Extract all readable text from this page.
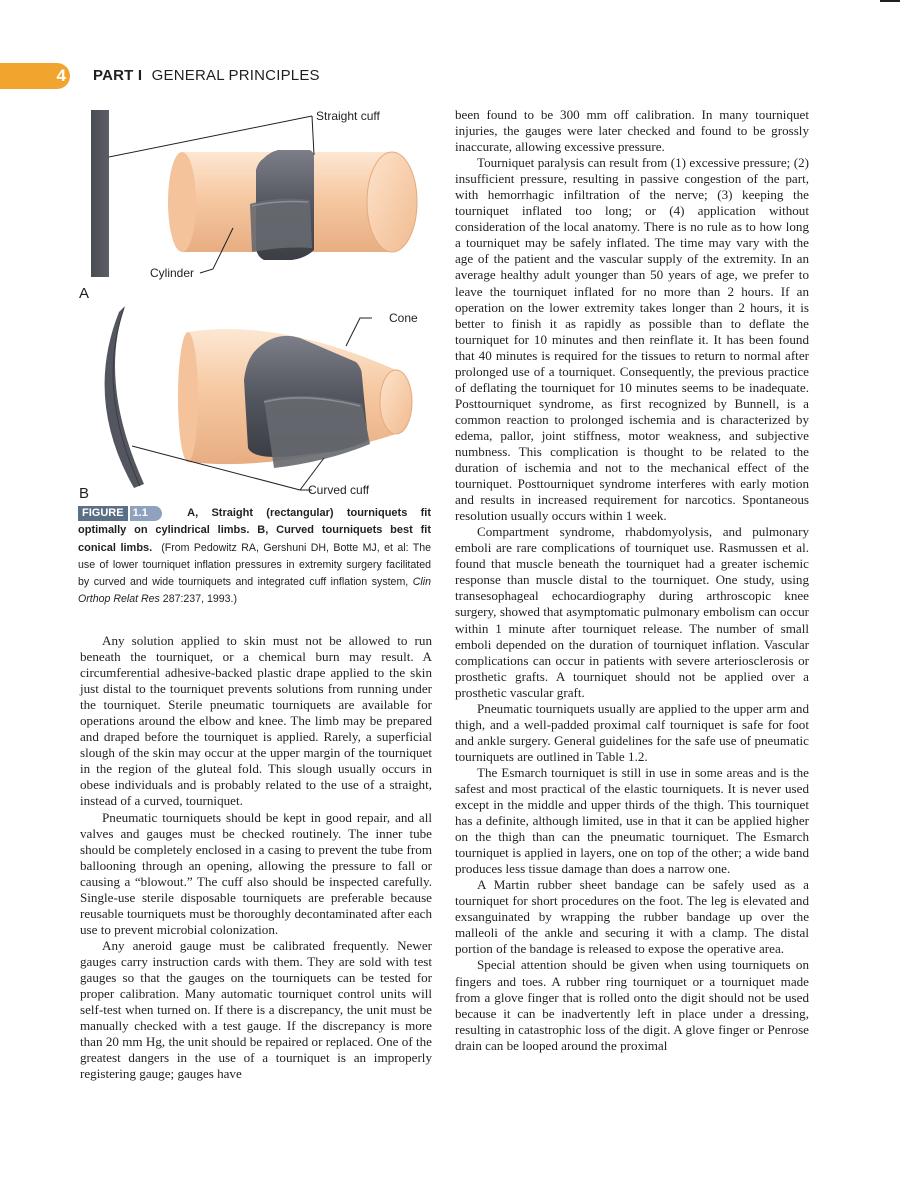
4 PART I GENERAL PRINCIPLES
Straight cuff
Cylinder
A
Cone
Curved cuff
B
FIGURE 1.1	A, Straight (rectangular) tourniquets fit optimally on cylindrical limbs. B, Curved tourniquets best fit conical limbs. (From Pedowitz RA, Gershuni DH, Botte MJ, et al: The use of lower tourniquet inflation pressures in extremity surgery facilitated by curved and wide tourniquets and integrated cuff inflation system, Clin Orthop Relat Res 287:237, 1993.)

Any solution applied to skin must not be allowed to run beneath the tourniquet, or a chemical burn may result. A circumferential adhesive-backed plastic drape applied to the skin just distal to the tourniquet prevents solutions from running under the tourniquet. Sterile pneumatic tourniquets are available for operations around the elbow and knee. The limb may be prepared and draped before the tourniquet is applied. Rarely, a superficial slough of the skin may occur at the upper margin of the tourniquet in the region of the gluteal fold. This slough usually occurs in obese individuals and is probably related to the use of a straight, instead of a curved, tourniquet.

Pneumatic tourniquets should be kept in good repair, and all valves and gauges must be checked routinely. The inner tube should be completely enclosed in a casing to prevent the tube from ballooning through an opening, allowing the pressure to fall or causing a “blowout.” The cuff also should be inspected carefully. Single-use sterile disposable tourniquets are preferable because reusable tourniquets must be thoroughly decontaminated after each use to prevent microbial colonization.

Any aneroid gauge must be calibrated frequently. Newer gauges carry instruction cards with them. They are sold with test gauges so that the gauges on the tourniquets can be tested for proper calibration. Many automatic tourniquet control units will self-test when turned on. If there is a discrepancy, the unit must be manually checked with a test gauge. If the discrepancy is more than 20 mm Hg, the unit should be repaired or replaced. One of the greatest dangers in the use of a tourniquet is an improperly registering gauge; gauges have

been found to be 300 mm off calibration. In many tourniquet injuries, the gauges were later checked and found to be grossly inaccurate, allowing excessive pressure.

Tourniquet paralysis can result from (1) excessive pressure; (2) insufficient pressure, resulting in passive congestion of the part, with hemorrhagic infiltration of the nerve; (3) keeping the tourniquet inflated too long; or (4) application without consideration of the local anatomy. There is no rule as to how long a tourniquet may be safely inflated. The time may vary with the age of the patient and the vascular supply of the extremity. In an average healthy adult younger than 50 years of age, we prefer to leave the tourniquet inflated for no more than 2 hours. If an operation on the lower extremity takes longer than 2 hours, it is better to finish it as rapidly as possible than to deflate the tourniquet for 10 minutes and then reinflate it. It has been found that 40 minutes is required for the tissues to return to normal after prolonged use of a tourniquet. Consequently, the previous practice of deflating the tourniquet for 10 minutes seems to be inadequate. Posttourniquet syndrome, as first recognized by Bunnell, is a common reaction to prolonged ischemia and is characterized by edema, pallor, joint stiffness, motor weakness, and subjective numbness. This complication is thought to be related to the duration of ischemia and not to the mechanical effect of the tourniquet. Posttourniquet syndrome interferes with early motion and results in increased requirement for narcotics. Spontaneous resolution usually occurs within 1 week.

Compartment syndrome, rhabdomyolysis, and pulmonary emboli are rare complications of tourniquet use. Rasmussen et al. found that muscle beneath the tourniquet had a greater ischemic response than muscle distal to the tourniquet. One study, using transesophageal echocardiography during arthroscopic knee surgery, showed that asymptomatic pulmonary embolism can occur within 1 minute after tourniquet release. The number of small emboli depended on the duration of tourniquet inflation. Vascular complications can occur in patients with severe arteriosclerosis or prosthetic grafts. A tourniquet should not be applied over a prosthetic vascular graft.

Pneumatic tourniquets usually are applied to the upper arm and thigh, and a well-padded proximal calf tourniquet is safe for foot and ankle surgery. General guidelines for the safe use of pneumatic tourniquets are outlined in Table 1.2.

The Esmarch tourniquet is still in use in some areas and is the safest and most practical of the elastic tourniquets. It is never used except in the middle and upper thirds of the thigh. This tourniquet has a definite, although limited, use in that it can be applied higher on the thigh than can the pneumatic tourniquet. The Esmarch tourniquet is applied in layers, one on top of the other; a wide band produces less tissue damage than does a narrow one.

A Martin rubber sheet bandage can be safely used as a tourniquet for short procedures on the foot. The leg is elevated and exsanguinated by wrapping the rubber bandage up over the malleoli of the ankle and securing it with a clamp. The distal portion of the bandage is released to expose the operative area.

Special attention should be given when using tourniquets on fingers and toes. A rubber ring tourniquet or a tourniquet made from a glove finger that is rolled onto the digit should not be used because it can be inadvertently left in place under a dressing, resulting in catastrophic loss of the digit. A glove finger or Penrose drain can be looped around the proximal
